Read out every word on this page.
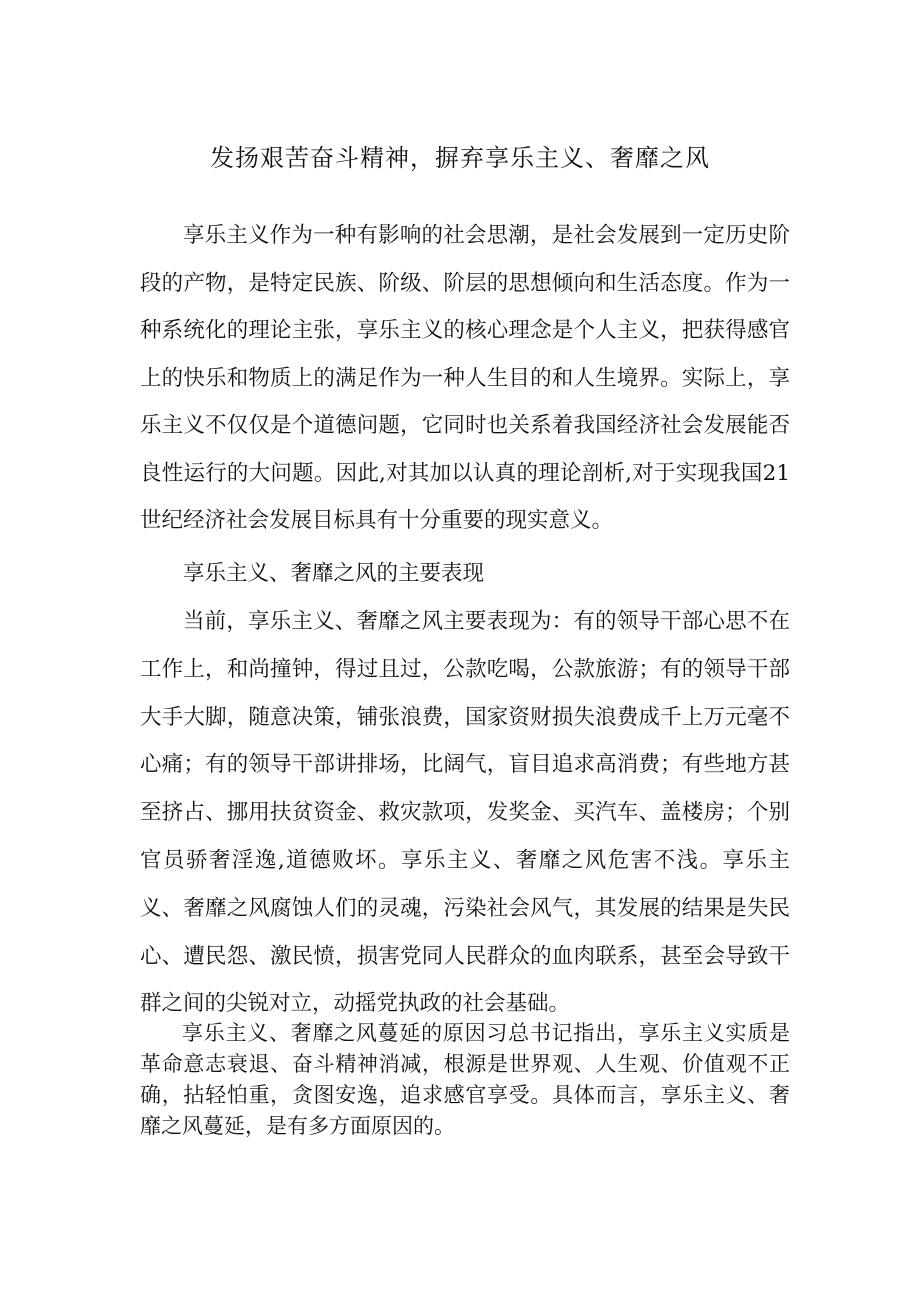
发扬艰苦奋斗精神，摒弃享乐主义、奢靡之风

享乐主义作为一种有影响的社会思潮，是社会发展到一定历史阶段的产物，是特定民族、阶级、阶层的思想倾向和生活态度。作为一种系统化的理论主张，享乐主义的核心理念是个人主义，把获得感官上的快乐和物质上的满足作为一种人生目的和人生境界。实际上，享乐主义不仅仅是个道德问题，它同时也关系着我国经济社会发展能否良性运行的大问题。因此,对其加以认真的理论剖析,对于实现我国21世纪经济社会发展目标具有十分重要的现实意义。

享乐主义、奢靡之风的主要表现

当前，享乐主义、奢靡之风主要表现为：有的领导干部心思不在工作上，和尚撞钟，得过且过，公款吃喝，公款旅游；有的领导干部大手大脚，随意决策，铺张浪费，国家资财损失浪费成千上万元毫不心痛；有的领导干部讲排场，比阔气，盲目追求高消费；有些地方甚至挤占、挪用扶贫资金、救灾款项，发奖金、买汽车、盖楼房；个别官员骄奢淫逸,道德败坏。享乐主义、奢靡之风危害不浅。享乐主义、奢靡之风腐蚀人们的灵魂，污染社会风气，其发展的结果是失民心、遭民怨、激民愤，损害党同人民群众的血肉联系，甚至会导致干群之间的尖锐对立，动摇党执政的社会基础。

享乐主义、奢靡之风蔓延的原因习总书记指出，享乐主义实质是革命意志衰退、奋斗精神消减，根源是世界观、人生观、价值观不正确，拈轻怕重，贪图安逸，追求感官享受。具体而言，享乐主义、奢靡之风蔓延，是有多方面原因的。
